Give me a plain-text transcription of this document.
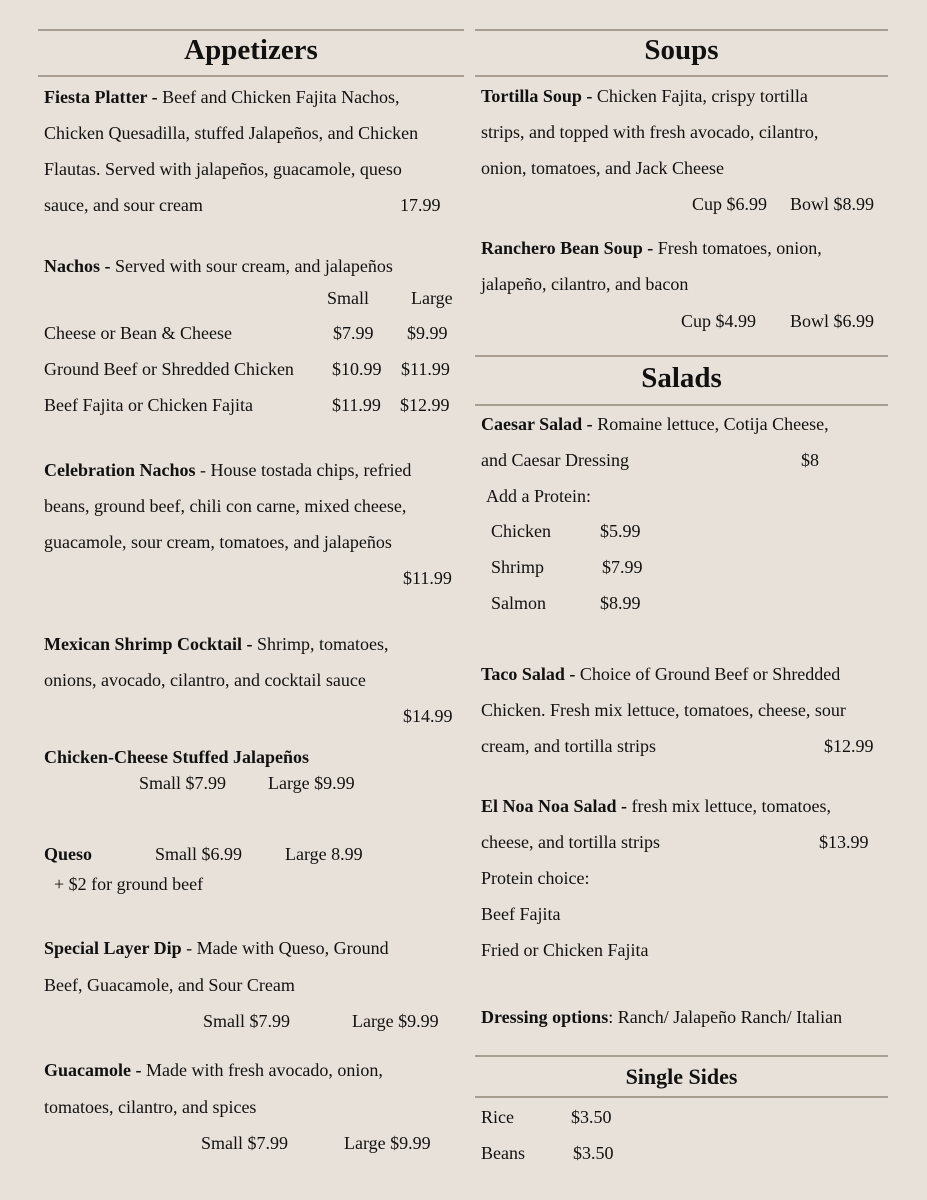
Appetizers
Fiesta Platter - Beef and Chicken Fajita Nachos,
Chicken Quesadilla, stuffed Jalapeños, and Chicken
Flautas. Served with jalapeños, guacamole, queso
sauce, and sour cream	17.99
Nachos - Served with sour cream, and jalapeños
Small Large
Cheese or Bean & Cheese	$7.99 $9.99
Ground Beef or Shredded Chicken $10.99 $11.99
Beef Fajita or Chicken Fajita	$11.99 $12.99
Celebration Nachos - House tostada chips, refried
beans, ground beef, chili con carne, mixed cheese,
guacamole, sour cream, tomatoes, and jalapeños
$11.99
Mexican Shrimp Cocktail - Shrimp, tomatoes,
onions, avocado, cilantro, and cocktail sauce
$14.99
Chicken-Cheese Stuffed Jalapeños
Small $7.99 Large $9.99
Queso	Small $6.99 Large 8.99
+ $2 for ground beef
Special Layer Dip - Made with Queso, Ground
Beef, Guacamole, and Sour Cream
Small $7.99	Large $9.99
Guacamole - Made with fresh avocado, onion,
tomatoes, cilantro, and spices
Small $7.99	Large $9.99
Soups
Tortilla Soup - Chicken Fajita, crispy tortilla
strips, and topped with fresh avocado, cilantro,
onion, tomatoes, and Jack Cheese
Cup $6.99 Bowl $8.99
Ranchero Bean Soup - Fresh tomatoes, onion,
jalapeño, cilantro, and bacon
Cup $4.99 Bowl $6.99
Salads
Caesar Salad - Romaine lettuce, Cotija Cheese,
and Caesar Dressing	$8
Add a Protein:
Chicken	$5.99
Shrimp	$7.99
Salmon	$8.99
Taco Salad - Choice of Ground Beef or Shredded
Chicken. Fresh mix lettuce, tomatoes, cheese, sour
cream, and tortilla strips	$12.99
El Noa Noa Salad - fresh mix lettuce, tomatoes,
cheese, and tortilla strips	$13.99
Protein choice:
Beef Fajita
Fried or Chicken Fajita
Dressing options: Ranch/ Jalapeño Ranch/ Italian
Single Sides
Rice	$3.50
Beans	$3.50
